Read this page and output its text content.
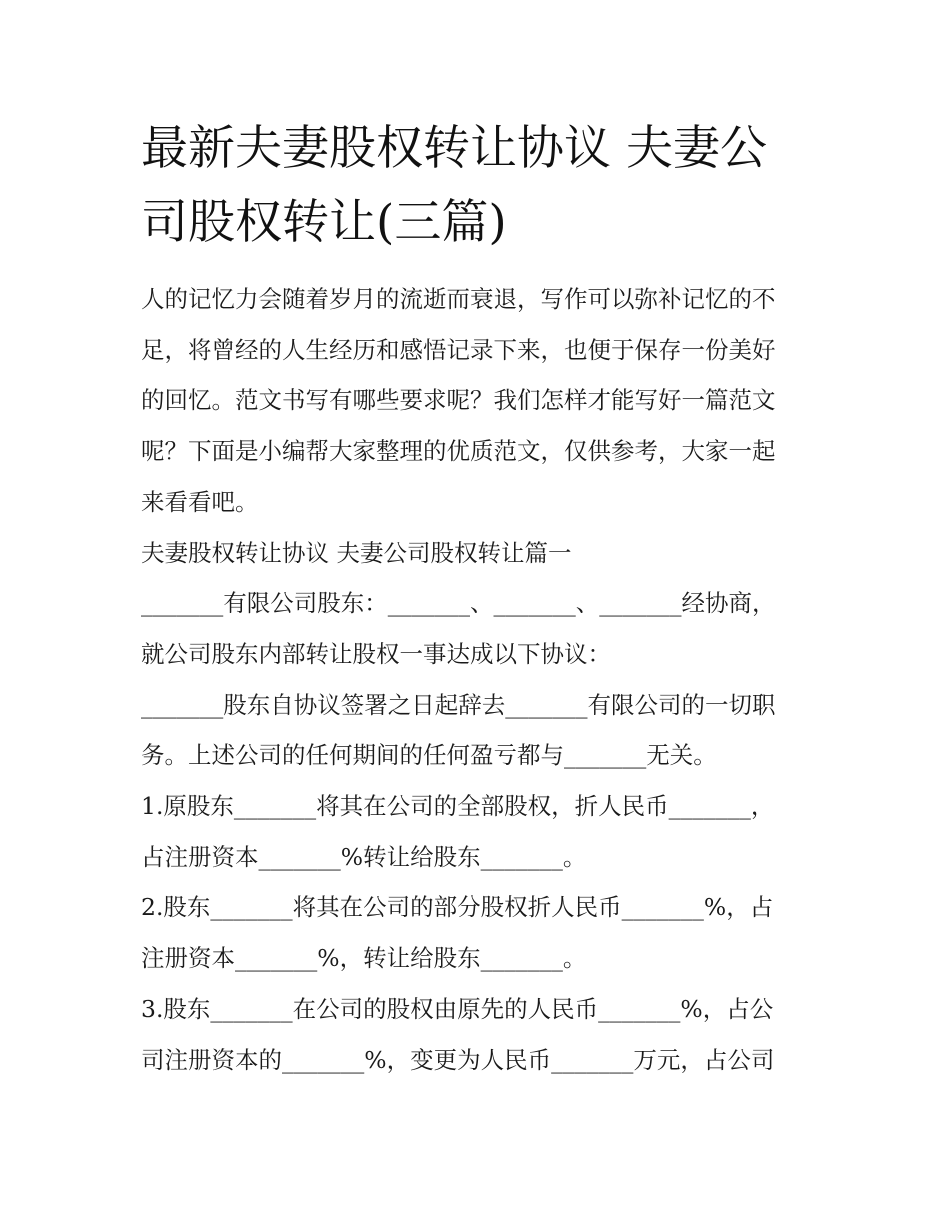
最新夫妻股权转让协议 夫妻公
司股权转让(三篇)
人的记忆力会随着岁月的流逝而衰退，写作可以弥补记忆的不
足，将曾经的人生经历和感悟记录下来，也便于保存一份美好
的回忆。范文书写有哪些要求呢？我们怎样才能写好一篇范文
呢？下面是小编帮大家整理的优质范文，仅供参考，大家一起
来看看吧。
夫妻股权转让协议 夫妻公司股权转让篇一
_______有限公司股东：_______、_______、_______经协商，
就公司股东内部转让股权一事达成以下协议：
_______股东自协议签署之日起辞去_______有限公司的一切职
务。上述公司的任何期间的任何盈亏都与_______无关。
1.原股东_______将其在公司的全部股权，折人民币_______，
占注册资本_______%转让给股东_______。
2.股东_______将其在公司的部分股权折人民币_______%，占
注册资本_______%，转让给股东_______。
3.股东_______在公司的股权由原先的人民币_______%，占公
司注册资本的_______%，变更为人民币_______万元，占公司
